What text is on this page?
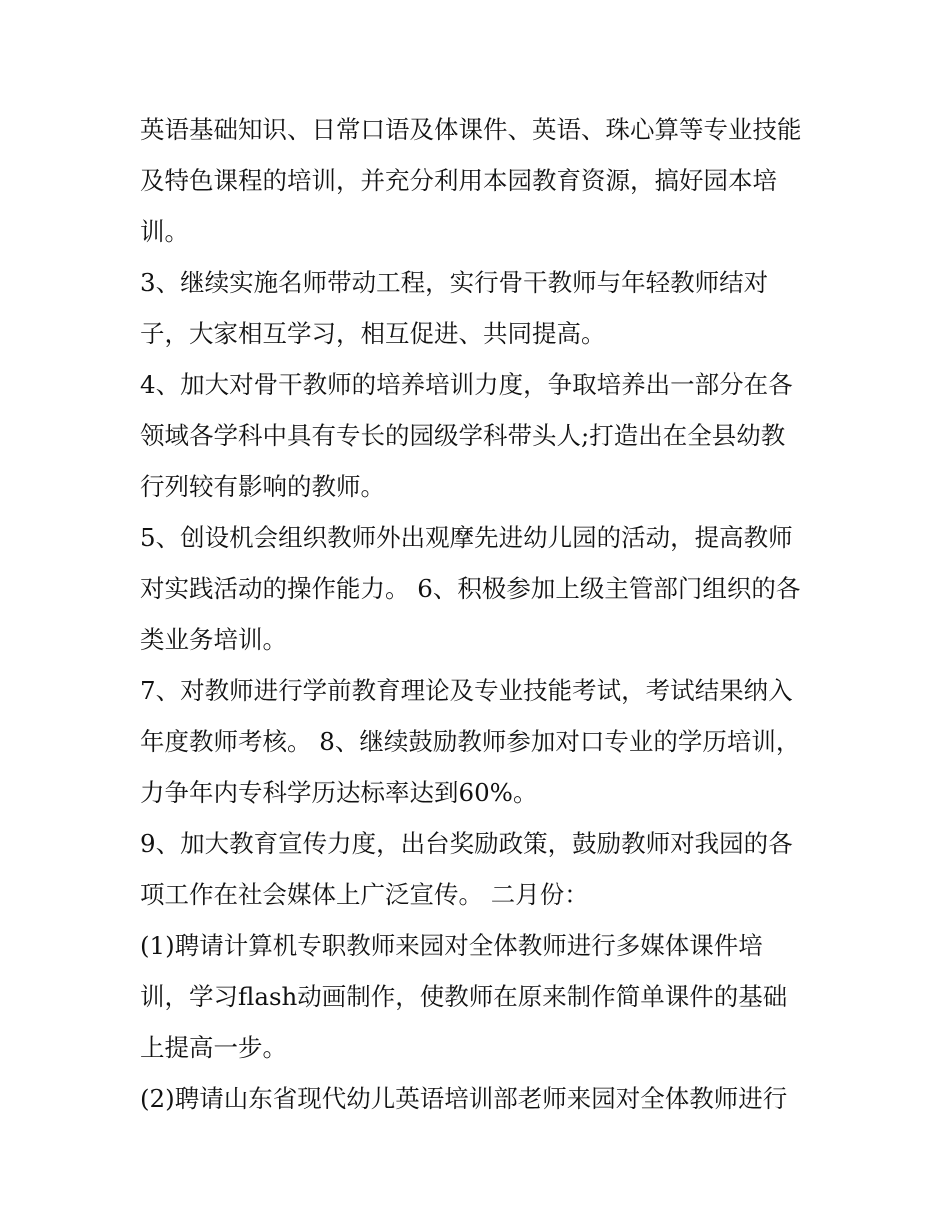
英语基础知识、日常口语及体课件、英语、珠心算等专业技能
及特色课程的培训，并充分利用本园教育资源，搞好园本培
训。

3、继续实施名师带动工程，实行骨干教师与年轻教师结对
子，大家相互学习，相互促进、共同提高。

4、加大对骨干教师的培养培训力度，争取培养出一部分在各
领域各学科中具有专长的园级学科带头人;打造出在全县幼教
行列较有影响的教师。

5、创设机会组织教师外出观摩先进幼儿园的活动，提高教师
对实践活动的操作能力。 6、积极参加上级主管部门组织的各
类业务培训。

7、对教师进行学前教育理论及专业技能考试，考试结果纳入
年度教师考核。 8、继续鼓励教师参加对口专业的学历培训，
力争年内专科学历达标率达到60%。

9、加大教育宣传力度，出台奖励政策，鼓励教师对我园的各
项工作在社会媒体上广泛宣传。 二月份：

(1)聘请计算机专职教师来园对全体教师进行多媒体课件培
训，学习flash动画制作，使教师在原来制作简单课件的基础
上提高一步。

(2)聘请山东省现代幼儿英语培训部老师来园对全体教师进行
